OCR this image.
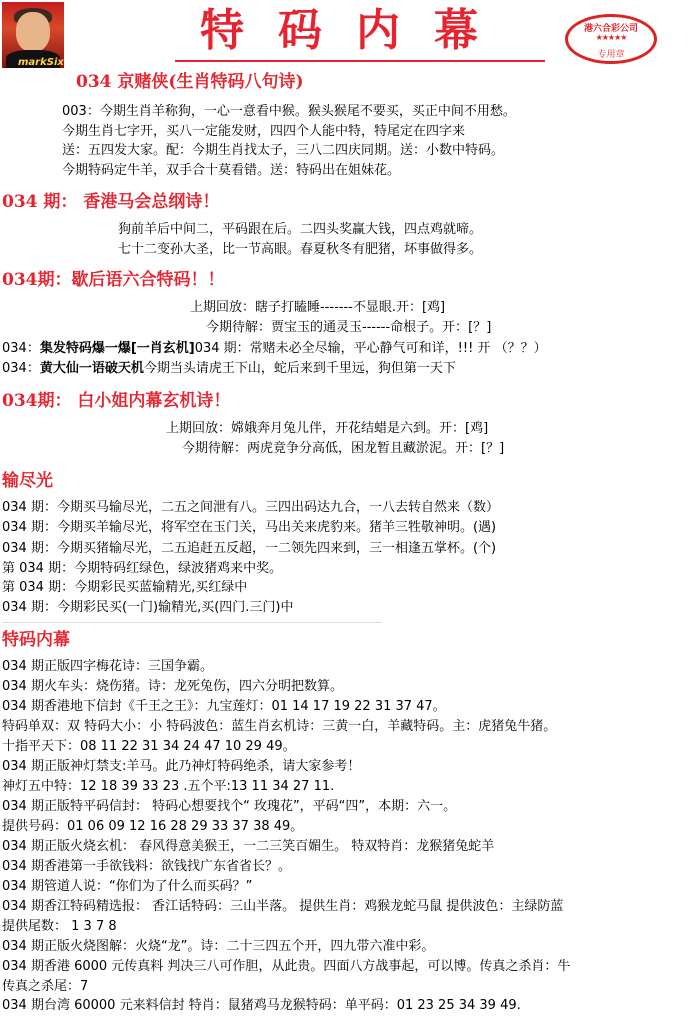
markSix
特码内幕	港六合彩公司
★★★★★
专用章
034 京赌侠(生肖特码八句诗)
003：今期生肖羊称狗，一心一意看中猴。猴头猴尾不要买，买正中间不用愁。
今期生肖七字开，买八一定能发财，四四个人能中特，特尾定在四字来
送：五四发大家。配：今期生肖找太子，三八二四庆同期。送：小数中特码。
今期特码定牛羊，双手合十莫看错。送：特码出在姐妹花。
034 期： 香港马会总纲诗！
狗前羊后中间二，平码跟在后。二四头奖赢大钱，四点鸡就啼。
七十二变孙大圣，比一节高眼。春夏秋冬有肥猪，坏事做得多。
034期：歇后语六合特码！！
上期回放：瞎子打瞌睡-------不显眼.开：[鸡]
今期待解：贾宝玉的通灵玉------命根子。开：[？]
034：集发特码爆一爆[一肖玄机]034 期：常赌未必全尽输，平心静气可和详，!!! 开 （？？）
034：黄大仙一语破天机今期当头请虎王下山，蛇后来到千里远，狗但第一天下
034期： 白小姐内幕玄机诗！
上期回放：嫦娥奔月兔儿伴，开花结蜡是六到。开：[鸡]
今期待解：两虎竟争分高低，困龙暂且藏淤泥。开：[？]
输尽光
034 期：今期买马输尽光，二五之间泄有八。三四出码达九合，一八去转自然来（数）
034 期：今期买羊输尽光，将军空在玉门关，马出关来虎豹来。猪羊三牲敬神明。(遇)
034 期：今期买猪输尽光，二五追赶五反超，一二领先四来到，三一相逢五掌杯。(个)
第 034 期：今期特码红绿色，绿波猪鸡来中奖。
第 034 期：今期彩民买蓝输精光,买红绿中
034 期：今期彩民买(一门)输精光,买(四门.三门)中
特码内幕
034 期正版四字梅花诗：三国争霸。
034 期火车头：烧伤猪。诗：龙死兔伤，四六分明把数算。
034 期香港地下信封《千王之王》：九宝莲灯：01 14 17 19 22 31 37 47。
特码单双：双 特码大小：小 特码波色：蓝生肖玄机诗：三黄一白，羊藏特码。主：虎猪兔牛猪。
十指平天下：08 11 22 31 34 24 47 10 29 49。
034 期正版神灯禁支:羊马。此乃神灯特码绝杀，请大家参考！
神灯五中特：12 18 39 33 23 .五个平:13 11 34 27 11.
034 期正版特平码信封： 特码心想要找个“ 玫瑰花”，平码“四”，本期：六一。
提供号码：01 06 09 12 16 28 29 33 37 38 49。
034 期正版火烧玄机： 春风得意美猴王，一二三笑百媚生。 特双特肖：龙猴猪兔蛇羊
034 期香港第一手欲钱料：欲钱找广东省省长？。
034 期管道人说：“你们为了什么而买码？”
034 期香江特码精选报： 香江话特码：三山半落。 提供生肖：鸡猴龙蛇马鼠 提供波色：主绿防蓝
提供尾数： 1 3 7 8
034 期正版火烧图解：火烧“龙”。诗：二十三四五个开，四九带六准中彩。
034 期香港 6000 元传真料 判决三八可作胆，从此贵。四面八方战事起，可以博。传真之杀肖：牛
传真之杀尾：7
034 期台湾 60000 元来料信封 特肖：鼠猪鸡马龙猴特码：单平码：01 23 25 34 39 49.
